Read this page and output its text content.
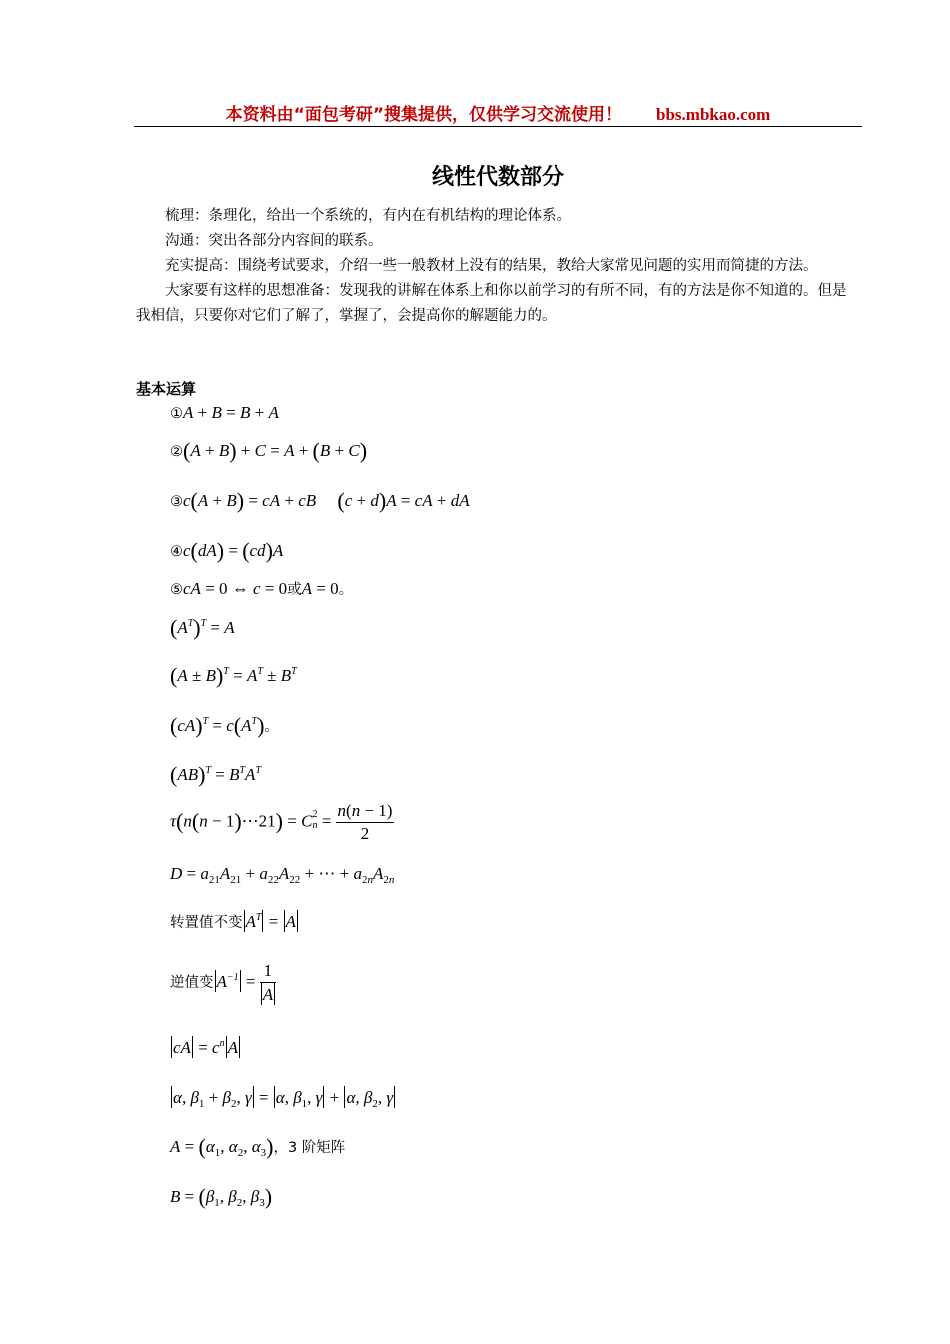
本资料由“面包考研”搜集提供，仅供学习交流使用！ bbs.mbkao.com
线性代数部分

梳理：条理化，给出一个系统的，有内在有机结构的理论体系。

沟通：突出各部分内容间的联系。

充实提高：围绕考试要求，介绍一些一般教材上没有的结果，教给大家常见问题的实用而简捷的方法。

大家要有这样的思想准备：发现我的讲解在体系上和你以前学习的有所不同，有的方法是你不知道的。但是我相信，只要你对它们了解了，掌握了，会提高你的解题能力的。

基本运算
①A + B = B + A
②(A + B) + C = A + (B + C)
③c(A + B) = cA + cB (c + d)A = cA + dA
④c(dA) = (cd)A
⑤cA = 0 ⇔ c = 0或A = 0。
$(A^T)^T = A$
$(A \pm B)^T = A^T \pm B^T$
$(cA)^T = c(A^T)$。
$(AB)^T = B^TA^T$
τ(n(n − 1)⋯21) = C 2
$n = \frac{n(n - 1)}{2}$
$D = a_{21}A_{21} + a_{22}A_{22}$ + ⋯ + $a_{2n}A_{2n}$
转置值不变 $A^T = A$
逆值变 $A^{-1} = \frac{1}{A}$
cA = $c^n$ A
α, $\beta_1 + \beta_2$, γ = α, $\beta_1$, γ + α, $\beta_2$, γ
$A = (\alpha_1$, $\alpha_2$, $\alpha_3$)，3 阶矩阵
$B = (\beta_1$, $\beta_2$, $\beta_3$)
